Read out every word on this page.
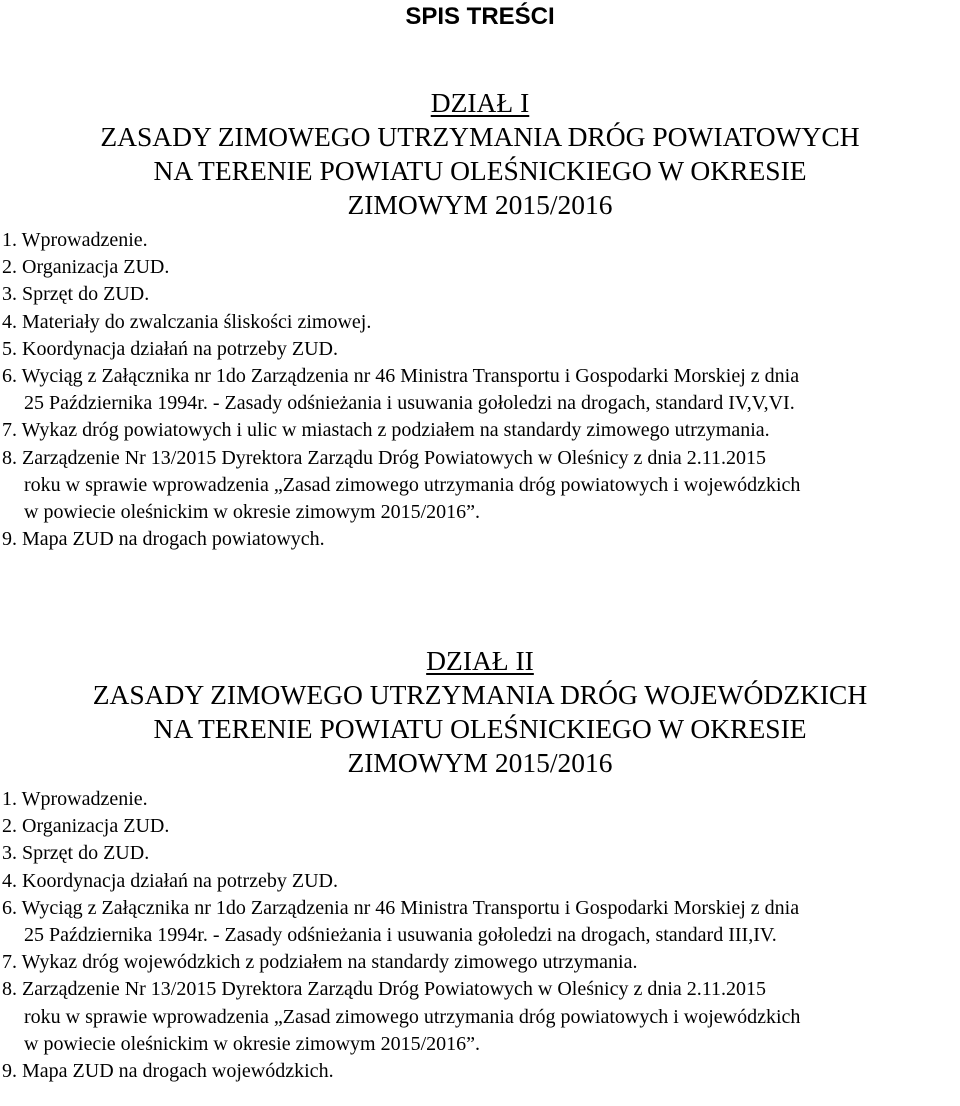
SPIS TREŚCI
DZIAŁ I
ZASADY ZIMOWEGO UTRZYMANIA DRÓG POWIATOWYCH
NA TERENIE POWIATU OLEŚNICKIEGO W OKRESIE
ZIMOWYM 2015/2016
1. Wprowadzenie.
2. Organizacja ZUD.
3. Sprzęt do ZUD.
4. Materiały do zwalczania śliskości zimowej.
5. Koordynacja działań na potrzeby ZUD.
6. Wyciąg z Załącznika nr 1do Zarządzenia nr 46 Ministra Transportu i Gospodarki Morskiej z dnia
25 Października 1994r. - Zasady odśnieżania i usuwania gołoledzi na drogach, standard IV,V,VI.
7. Wykaz dróg powiatowych i ulic w miastach z podziałem na standardy zimowego utrzymania.
8. Zarządzenie Nr 13/2015 Dyrektora Zarządu Dróg Powiatowych w Oleśnicy z dnia 2.11.2015
roku w sprawie wprowadzenia „Zasad zimowego utrzymania dróg powiatowych i wojewódzkich
w powiecie oleśnickim w okresie zimowym 2015/2016”.
9. Mapa ZUD na drogach powiatowych.
DZIAŁ II
ZASADY ZIMOWEGO UTRZYMANIA DRÓG WOJEWÓDZKICH
NA TERENIE POWIATU OLEŚNICKIEGO W OKRESIE
ZIMOWYM 2015/2016
1. Wprowadzenie.
2. Organizacja ZUD.
3. Sprzęt do ZUD.
4. Koordynacja działań na potrzeby ZUD.
6. Wyciąg z Załącznika nr 1do Zarządzenia nr 46 Ministra Transportu i Gospodarki Morskiej z dnia
25 Października 1994r. - Zasady odśnieżania i usuwania gołoledzi na drogach, standard III,IV.
7. Wykaz dróg wojewódzkich z podziałem na standardy zimowego utrzymania.
8. Zarządzenie Nr 13/2015 Dyrektora Zarządu Dróg Powiatowych w Oleśnicy z dnia 2.11.2015
roku w sprawie wprowadzenia „Zasad zimowego utrzymania dróg powiatowych i wojewódzkich
w powiecie oleśnickim w okresie zimowym 2015/2016”.
9. Mapa ZUD na drogach wojewódzkich.
